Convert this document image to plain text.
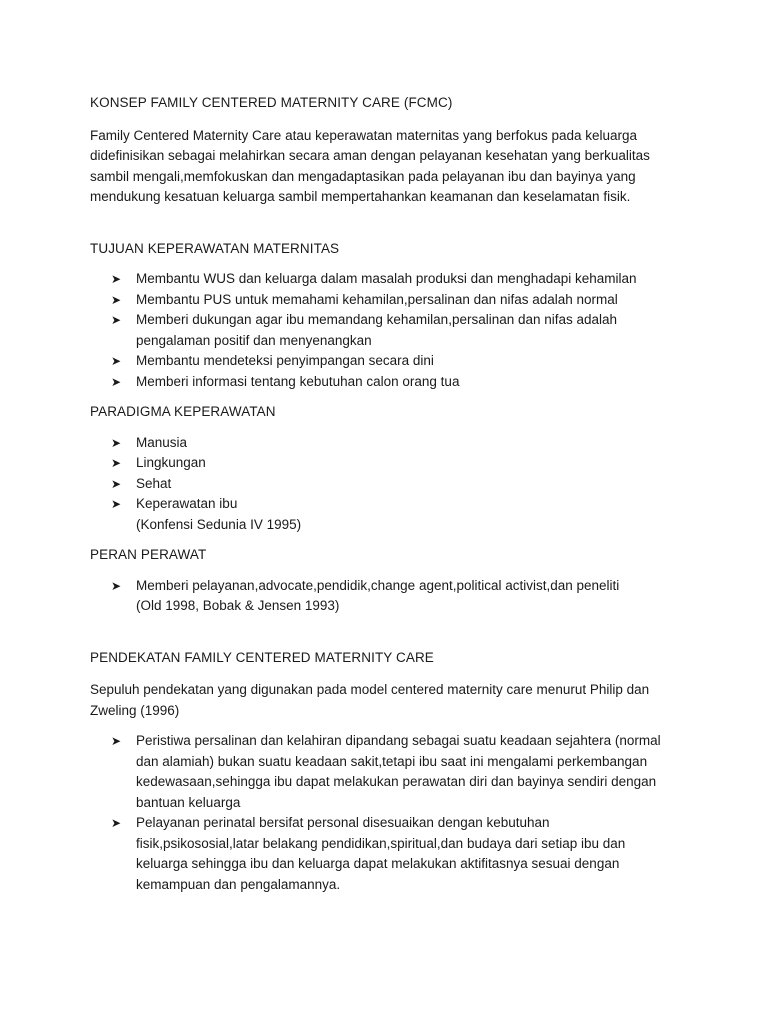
KONSEP FAMILY CENTERED MATERNITY CARE (FCMC)

Family Centered Maternity Care atau keperawatan maternitas yang berfokus pada keluarga
didefinisikan sebagai melahirkan secara aman dengan pelayanan kesehatan yang berkualitas
sambil mengali,memfokuskan dan mengadaptasikan pada pelayanan ibu dan bayinya yang
mendukung kesatuan keluarga sambil mempertahankan keamanan dan keselamatan fisik.

TUJUAN KEPERAWATAN MATERNITAS
➤ Membantu WUS dan keluarga dalam masalah produksi dan menghadapi kehamilan
➤ Membantu PUS untuk memahami kehamilan,persalinan dan nifas adalah normal
➤ Memberi dukungan agar ibu memandang kehamilan,persalinan dan nifas adalah
pengalaman positif dan menyenangkan
➤ Membantu mendeteksi penyimpangan secara dini
➤ Memberi informasi tentang kebutuhan calon orang tua
PARADIGMA KEPERAWATAN
➤ Manusia
➤ Lingkungan
➤ Sehat
➤ Keperawatan ibu
(Konfensi Sedunia IV 1995)
PERAN PERAWAT
➤ Memberi pelayanan,advocate,pendidik,change agent,political activist,dan peneliti
(Old 1998, Bobak & Jensen 1993)
PENDEKATAN FAMILY CENTERED MATERNITY CARE

Sepuluh pendekatan yang digunakan pada model centered maternity care menurut Philip dan
Zweling (1996)

➤ Peristiwa persalinan dan kelahiran dipandang sebagai suatu keadaan sejahtera (normal
dan alamiah) bukan suatu keadaan sakit,tetapi ibu saat ini mengalami perkembangan
kedewasaan,sehingga ibu dapat melakukan perawatan diri dan bayinya sendiri dengan
bantuan keluarga
➤ Pelayanan perinatal bersifat personal disesuaikan dengan kebutuhan
fisik,psikososial,latar belakang pendidikan,spiritual,dan budaya dari setiap ibu dan
keluarga sehingga ibu dan keluarga dapat melakukan aktifitasnya sesuai dengan
kemampuan dan pengalamannya.
